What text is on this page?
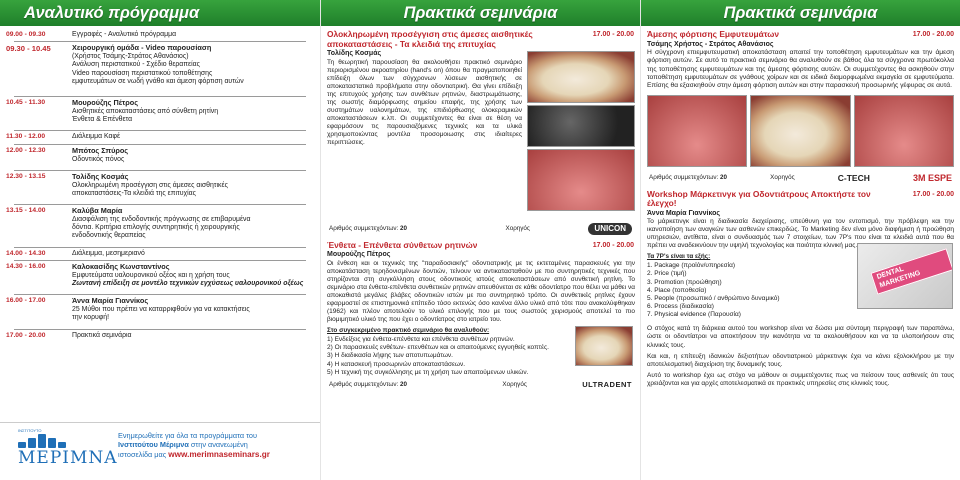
Αναλυτικό πρόγραμμα
09.00 - 09.30	Εγγραφές - Αναλυτικό πρόγραμμα
09.30 - 10.45	Χειρουργική ομάδα - Video παρουσίαση
(Χρήστος Τσάμης-Στράτος Αθανάσιος)
Ανάλυση περιστατικού - Σχέδιο θεραπείας
Video παρουσίαση περιστατικού τοποθέτησης
εμφυτευμάτων σε νωδή γνάθο και άμεση φόρτιση αυτών
10.45 - 11.30	Μουρούζης Πέτρος
Αισθητικές αποκαταστάσεις από σύνθετη ρητίνη
Ένθετα & Επένθετα
11.30 - 12.00	Διάλειμμα Καφέ
12.00 - 12.30	Μπότος Σπύρος
Οδοντικός πόνος
12.30 - 13.15	Τολίδης Κοσμάς
Ολοκληρωμένη προσέγγιση στις άμεσες αισθητικές
αποκαταστάσεις-Τα κλειδιά της επιτυχίας
13.15 - 14.00	Καλύβα Μαρία
Διασφάλιση της ενδοδοντικής πρόγνωσης σε επιβαρυμένα
δόντια. Κριτήρια επιλογής συντηρητικής ή χειρουργικής
ενδοδοντικής θεραπείας
14.00 - 14.30	Διάλειμμα, μεσημεριανό
14.30 - 16.00	Καλοκασίδης Κωνσταντίνος
Εμφυτεύματα υαλουρονικού οξέος και η χρήση τους
Ζωντανή επίδειξη σε μοντέλο τεχνικών εγχύσεως υαλουρονικού οξέως
16.00 - 17.00	Άννα Μαρία Γιαννίκος
25 Μύθοι που πρέπει να καταρριφθούν για να κατακτήσεις
την κορυφή!
17.00 - 20.00	Πρακτικά σεμινάρια
ΙΝΣΤΙΤΟΥΤΟ
ΜΕΡΙΜΝΑ
Ενημερωθείτε για όλα τα προγράμματα του
Ινστιτούτου Μέριμνα στην ανανεωμένη
ιστοσελίδα μας www.merimnaseminars.gr
Πρακτικά σεμινάρια
Ολοκληρωμένη προσέγγιση στις άμεσες αισθητικές αποκαταστάσεις - Τα κλειδιά της επιτυχίας
17.00 - 20.00
Τολίδης Κοσμάς
Τη θεωρητική παρουσίαση θα ακολουθήσει πρακτικό σεμινάριο περιορισμένου ακροατηρίου (hand's on) όπου θα πραγματοποιηθεί επίδειξη όλων των σύγχρονων λύσεων αισθητικής σε αποκαταστατικά προβλήματα στην οδοντιατρική. Θα γίνει επίδειξη της επιτυχούς χρήσης των συνθέτων ρητινών, διαστρωμάτωσης, της σωστής διαμόρφωσης σημείου επαφής, της χρήσης των συστημάτων υαλονημάτων, της επιδιόρθωσης ολοκεραμικών αποκαταστάσεων κ.λπ. Οι συμμετέχοντες θα είναι σε θέση να εφαρμόσουν τις παρουσιαζόμενες τεχνικές και τα υλικά χρησιμοποιώντας μοντέλα προσομοιωσης στις ιδιαίτερες περιπτώσεις.
Αριθμός συμμετεχόντων: 20	Χορηγός	UNICON
Ένθετα - Επένθετα σύνθετων ρητινών	17.00 - 20.00
Μουρούζης Πέτρος
Οι ένθεση και οι τεχνικές της "παραδοσιακής" οδοντιατρικής με τις εκτεταμένες παρασκευές για την αποκατάσταση τερηδονισμένων δοντιών, τείνουν να αντικατασταθούν με πιο συντηρητικές τεχνικές που στηρίζονται στη συγκόλληση στους οδοντικούς ιστούς αποκαταστάσεων από συνθετική ρητίνη. Το σεμινάριο στα ένθετα-επένθετα συνθετικών ρητινών απευθύνεται σε κάθε οδοντίατρο που θέλει να μάθει να αποκαθιστά μεγάλες βλάβες οδοντικών ιστών με πιο συντηρητικό τρόπο. Οι συνθετικές ρητίνες έχουν εφαρμοστεί σε επιστημονικά επίπεδο τόσο εκτενώς όσο κανένα άλλο υλικό από τότε που ανακαλύφθηκαν (1962) και πλέον αποτελούν το υλικό επιλογής που με τους σωστούς χειρισμούς αποτελεί το πιο βιομιμητικό υλικό της που έχει ο οδοντίατρος στο ιατρείο του.
Στο συγκεκριμένο πρακτικό σεμινάριο θα αναλυθούν:
1) Ενδείξεις για ένθετα-επένθετα και επένθετα συνθέτων ρητινών.
2) Οι παρασκευές ενθέτων- επενθέτων και οι απαιτούμενες εγγυηθείς κοπτές.
3) Η διαδικασία λήψης των αποτυπωμάτων.
4) Η κατασκευή προσωρινών αποκαταστάσεων.
5) Η τεχνική της συγκόλλησης με τη χρήση των απαιτούμενων υλικών.
Αριθμός συμμετεχόντων: 20	Χορηγός	ULTRADENT
Πρακτικά σεμινάρια
Άμεσης φόρτισης Εμφυτευμάτων	17.00 - 20.00
Τσάμης Χρήστος - Στράτος Αθανάσιος
Η σύγχρονη επιεμφυτευματική αποκατάσταση απαιτεί την τοποθέτηση εμφυτευμάτων και την άμεση φόρτιση αυτών. Σε αυτό το πρακτικό σεμινάριο θα αναλυθούν σε βάθος όλα τα σύγχρονα πρωτόκολλα της τοποθέτησης εμφυτευμάτων και της άμεσης φόρτισης αυτών. Οι συμμετέχοντες θα ασκηθούν στην τοποθέτηση εμφυτευμάτων σε γνάθους χοίρων και σε ειδικά διαμορφωμένα εκμαγεία σε εμφυτεύματα. Επίσης θα εξασκηθούν στην άμεση φόρτιση αυτών και στην παρασκευή προσωρινής γέφυρας σε αυτά.
Αριθμός συμμετεχόντων: 20	Χορηγός	C-TECH	3M ESPE
Workshop Μάρκετινγκ για Οδοντιάτρους Αποκτήστε τον έλεγχο!
17.00 - 20.00
Άννα Μαρία Γιαννίκος
Το μάρκετινγκ είναι η διαδικασία διαχείρισης, υπεύθυνη για τον εντοπισμό, την πρόβλεψη και την ικανοποίηση των αναγκών των ασθενών επικερδώς. Το Marketing δεν είναι μόνο διαφήμιση ή προώθηση υπηρεσιών, αντίθετα, είναι ο συνδυασμός των 7 στοιχείων, των 7P's που είναι τα κλειδιά αυτά που θα πρέπει να αναδεικνύουν την υψηλή τεχνολογίας και ποιότητα κλινική μας.
Τα 7P's είναι τα εξής:
1. Package (προϊόν/υπηρεσία)
2. Price (τιμή)
3. Promotion (προώθηση)
4. Place (τοποθεσία)
5. People (προσωπικό / ανθρώπινο δυναμικό)
6. Process (διαδικασία)
7. Physical evidence (Παρουσία)
DENTAL MARKETING
Ο στόχος κατά τη διάρκεια αυτού του workshop είναι να δώσει μια σύντομη περιγραφή των παραπάνω, ώστε οι οδοντίατροι να αποκτήσουν την ικανότητα να τα ακολουθήσουν και να τα υλοποιήσουν στις κλινικές τους.
Και και, η επίτευξη ιδανικών δεξιοτήτων οδοντιατρικού μάρκετινγκ έχει να κάνει εξολοκλήρου με την αποτελεσματική διαχείριση της δυναμικής τους.
Αυτό το workshop έχει ως στόχο να μάθουν οι συμμετέχοντες πως να πείσουν τους ασθενείς ότι τους χρειάζονται και για αρχές αποτελεσματικά σε πρακτικές υπηρεσίες στις κλινικές τους.
